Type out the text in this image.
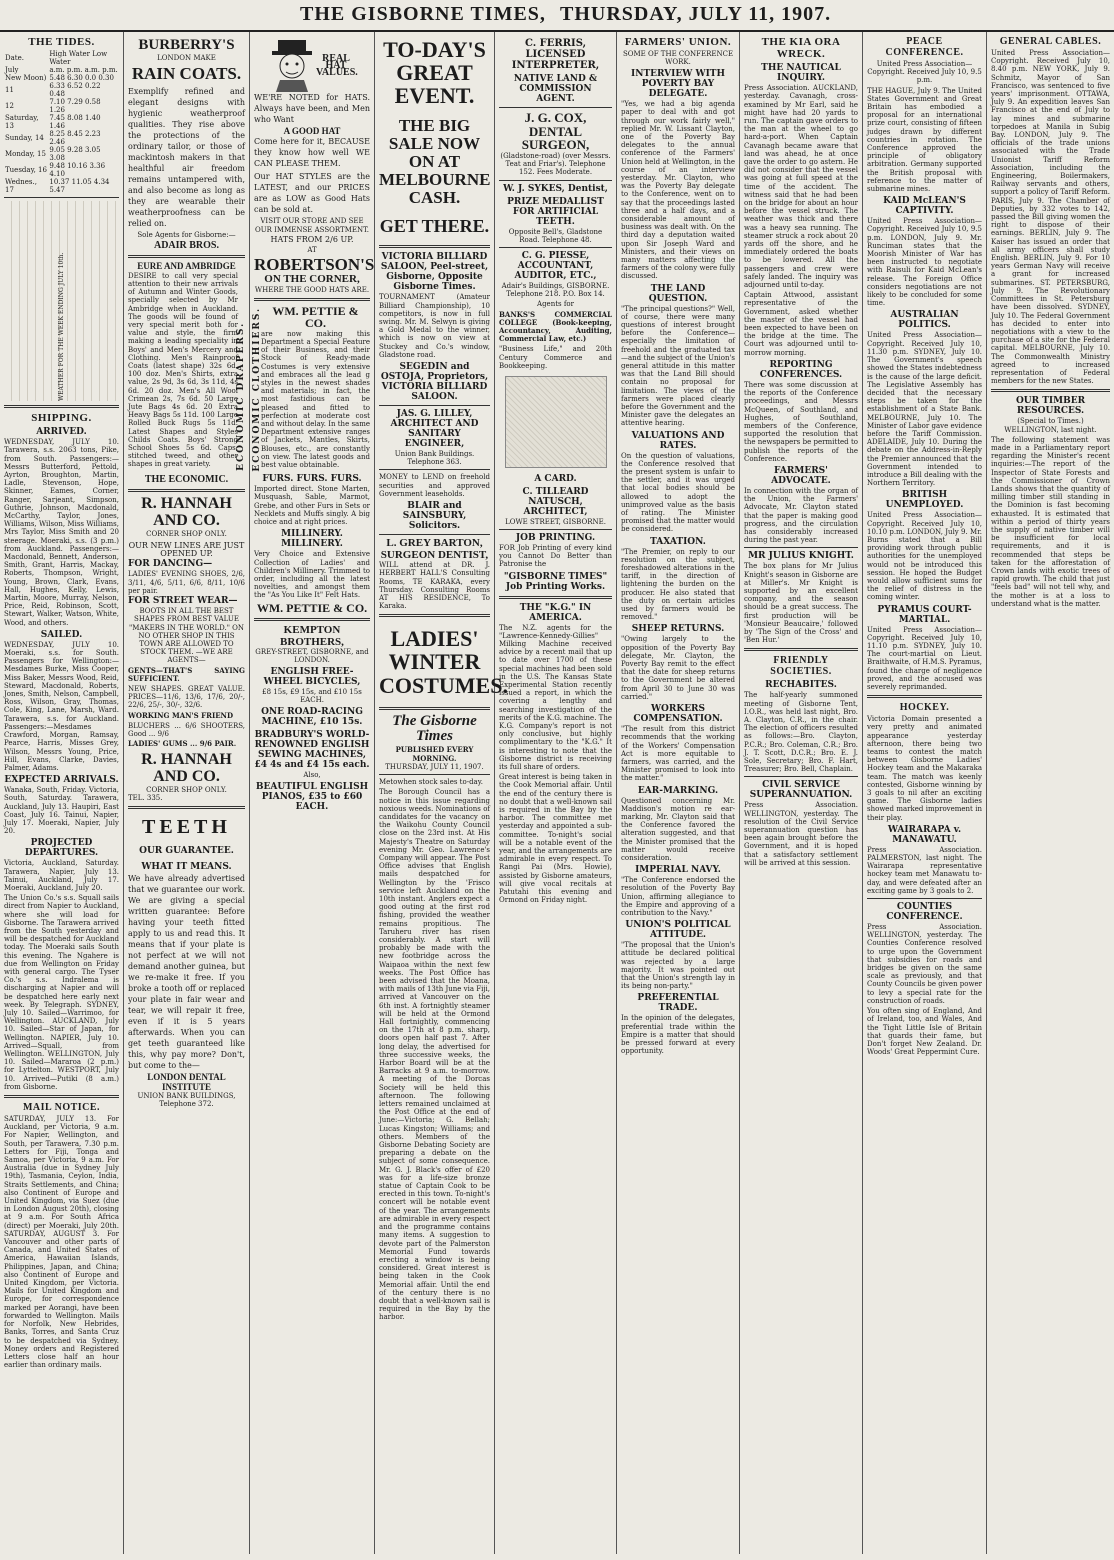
THE GISBORNE TIMES, THURSDAY, JULY 11, 1907.
THE TIDES.
Date.	High Water Low Water
July	a.m. p.m. a.m. p.m.
New Moon)	5.48 6.30 0.0 0.30
11	6.33 6.52 0.22 0.48
12	7.10 7.29 0.58 1.26
Saturday, 13	7.45 8.08 1.40 1.46
Sunday, 14	8.25 8.45 2.23 2.46
Monday, 15	9.05 9.28 3.05 3.08
Tuesday, 16	9.48 10.16 3.36 4.10
Wednes., 17	10.37 11.05 4.34 5.47
WEATHER FOR THE WEEK ENDING JULY 10th.
SHIPPING.
ARRIVED.

WEDNESDAY, JULY 10. Tarawera, s.s. 2063 tons, Pike, from South. Passengers:—Messrs Butterford, Pettold, Ayrton, Broughton, Martin, Ladle, Stevenson, Hope, Skinner, Eames, Corner, Ranger, Sarjeant, Simpson, Guthrie, Johnson, Macdonald, McCarthy, Taylor, Jones, Williams, Wilson, Miss Williams, Mrs Taylor, Miss Smith and 20 steerage. Moeraki, s.s. (3 p.m.) from Auckland. Passengers:—Macdonald, Bennett, Anderson, Smith, Grant, Harris, Mackay, Roberts, Thompson, Wright, Young, Brown, Clark, Evans, Hall, Hughes, Kelly, Lewis, Martin, Moore, Murray, Nelson, Price, Reid, Robinson, Scott, Stewart, Walker, Watson, White, Wood, and others.

SAILED.

WEDNESDAY, JULY 10. Moeraki, s.s. for South. Passengers for Wellington:—Mesdames Burke, Miss Cooper, Miss Baker, Messrs Wood, Reid, Steward, Macdonald, Roberts, Jones, Smith, Nelson, Campbell, Ross, Wilson, Gray, Thomas, Cole, King, Lane, Marsh, Ward. Tarawera, s.s. for Auckland. Passengers:—Mesdames Crawford, Morgan, Ramsay, Pearce, Harris, Misses Grey, Wilson, Messrs Young, Price, Hill, Evans, Clarke, Davies, Palmer, Adams.

EXPECTED ARRIVALS.

Wanaka, South, Friday. Victoria, South, Saturday. Tarawera, Auckland, July 13. Haupiri, East Coast, July 16. Tainui, Napier, July 17. Moeraki, Napier, July 20.

PROJECTED DEPARTURES.

Victoria, Auckland, Saturday. Tarawera, Napier, July 13. Tainui, Auckland, July 17. Moeraki, Auckland, July 20.

The Union Co.'s s.s. Squall sails direct from Napier to Auckland, where she will load for Gisborne. The Tarawera arrived from the South yesterday and will be despatched for Auckland today. The Moeraki sails South this evening. The Ngahere is due from Wellington on Friday with general cargo. The Tyser Co.'s s.s. Indralema is discharging at Napier and will be despatched here early next week. By Telegraph. SYDNEY, July 10. Sailed—Warrimoo, for Wellington. AUCKLAND, July 10. Sailed—Star of Japan, for Wellington. NAPIER, July 10. Arrived—Squall, from Wellington. WELLINGTON, July 10. Sailed—Mararoa (2 p.m.) for Lyttelton. WESTPORT, July 10. Arrived—Putiki (8 a.m.) from Gisborne.

MAIL NOTICE.

SATURDAY, JULY 13. For Auckland, per Victoria, 9 a.m. For Napier, Wellington, and South, per Tarawera, 7.30 p.m. Letters for Fiji, Tonga and Samoa, per Victoria, 9 a.m. For Australia (due in Sydney July 19th), Tasmania, Ceylon, India, Straits Settlements, and China; also Continent of Europe and United Kingdom, via Suez (due in London August 20th), closing at 9 a.m. For South Africa (direct) per Moeraki, July 20th. SATURDAY, AUGUST 3. For Vancouver and other parts of Canada, and United States of America, Hawaiian Islands, Philippines, Japan, and China; also Continent of Europe and United Kingdom, per Victoria. Mails for United Kingdom and Europe, for correspondence marked per Aorangi, have been forwarded to Wellington. Mails for Norfolk, New Hebrides, Banks, Torres, and Santa Cruz to be despatched via Sydney. Money orders and Registered Letters close half an hour earlier than ordinary mails.

BURBERRY'S
LONDON MAKE
RAIN COATS.

Exemplify refined and elegant designs with hygienic weatherproof qualities. They rise above the protections of the ordinary tailor, or those of mackintosh makers in that healthful air freedom remains untampered with, and also become as long as they are wearable their weatherproofness can be relied on.

Sole Agents for Gisborne:—

ADAIR BROS.
EURE AND AMBRIDGE

DESIRE to call very special attention to their new arrivals of Autumn and Winter Goods, specially selected by Mr Ambridge when in Auckland. The goods will be found of very special merit both for value and style, the firm making a leading speciality in Boys' and Men's Mercery and Clothing. Men's Rainproof Coats (latest shape) 32s 6d. 100 doz. Men's Shirts, extra value, 2s 9d, 3s 6d, 3s 11d, 4s 6d. 20 doz. Men's All Wool Crimean 2s, 7s 6d. 50 Large Jute Bags 4s 6d. 20 Extra Heavy Bags 5s 11d. 100 Large Rolled Buck Rugs 5s 11d. Latest Shapes and Styles Childs Coats. Boys' Strong School Shoes 5s 6d. Caps, stitched tweed, and other shapes in great variety.	ECONOMIC DRAPERS.
THE ECONOMIC.
R. HANNAH AND CO.
CORNER SHOP ONLY.

OUR NEW LINES ARE JUST OPENED UP.

FOR DANCING—

LADIES' EVENING SHOES, 2/6, 3/11, 4/6, 5/11, 6/6, 8/11, 10/6 per pair.

FOR STREET WEAR—

BOOTS IN ALL THE BEST SHAPES FROM BEST VALUE "MAKERS IN THE WORLD." ON NO OTHER SHOP IN THIS TOWN ARE ALLOWED TO STOCK THEM. —WE ARE AGENTS—

GENTS—THAT'S SAYING SUFFICIENT.

NEW SHAPES. GREAT VALUE. PRICES—11/6, 13/6, 17/6, 20/-, 22/6, 25/-, 30/-, 32/6.

WORKING MAN'S FRIEND

BLUCHERS ... 6/6 SHOOTERS, Good ... 9/6

LADIES' GUMS ... 9/6 PAIR.

R. HANNAH AND CO.
CORNER SHOP ONLY.

TEL. 335.

TEETH
OUR GUARANTEE.
WHAT IT MEANS.

We have already advertised that we guarantee our work. We are giving a special written guarantee: Before having your teeth fitted apply to us and read this. It means that if your plate is not perfect at we will not demand another guinea, but we re-make it free. If you broke a tooth off or replaced your plate in fair wear and tear, we will repair it free, even if it is 5 years afterwards. When you can get teeth guaranteed like this, why pay more? Don't, but come to the—

LONDON DENTAL INSTITUTE
UNION BANK BUILDINGS,
Telephone 372.
REAL HAT VALUES.

WE'RE NOTED for HATS. Always have been, and Men who Want

A GOOD HAT

Come here for it, BECAUSE they know how well WE CAN PLEASE THEM.

Our HAT STYLES are the LATEST, and our PRICES are as LOW as Good Hats can be sold at.

VISIT OUR STORE AND SEE OUR IMMENSE ASSORTMENT.

HATS FROM 2/6 UP.

AT

ROBERTSON'S
ON THE CORNER,
WHERE THE GOOD HATS ARE.
ECONOMIC CLOTHIERS. WM. PETTIE & CO.

are now making this Department a Special Feature of their Business, and their Stock of Ready-made Costumes is very extensive and embraces all the lead g styles in the newest shades and materials; in fact, the most fastidious can be pleased and fitted to perfection at moderate cost and without delay. In the same Department extensive ranges of Jackets, Mantles, Skirts, Blouses, etc., are constantly on view. The latest goods and best value obtainable.

FURS. FURS. FURS.

Imported direct. Stone Marten, Musquash, Sable, Marmot, Grebe, and other Furs in Sets or Necklets and Muffs singly. A big choice and at right prices.

MILLINERY. MILLINERY.

Very Choice and Extensive Collection of Ladies' and Children's Millinery. Trimmed to order, including all the latest novelties, and amongst them the "As You Like It" Felt Hats.

WM. PETTIE & CO.
KEMPTON BROTHERS,
GREY-STREET, GISBORNE, and LONDON.
ENGLISH FREE-WHEEL BICYCLES,
£8 15s, £9 15s, and £10 15s EACH.
ONE ROAD-RACING MACHINE, £10 15s.
BRADBURY'S WORLD-RENOWNED ENGLISH SEWING MACHINES, £4 4s and £4 15s each.
Also,
BEAUTIFUL ENGLISH PIANOS, £35 to £60 EACH.
TO-DAY'S GREAT EVENT.
THE BIG SALE NOW ON AT MELBOURNE CASH.
GET THERE.
VICTORIA BILLIARD SALOON, Peel-street, Gisborne, Opposite Gisborne Times.

TOURNAMENT (Amateur Billiard Championship), 10 competitors, is now in full swing. Mr. M. Selwyn is giving a Gold Medal to the winner, which is now on view at Stuckey and Co.'s window, Gladstone road.

SEGEDIN and OSTOJA, Proprietors, VICTORIA BILLIARD SALOON.
JAS. G. LILLEY, ARCHITECT AND SANITARY ENGINEER,

Union Bank Buildings. Telephone 363.

MONEY to LEND on freehold securities and approved Government leaseholds.

BLAIR and SAINSBURY, Solicitors.
L. GREY BARTON, SURGEON DENTIST,

WILL attend at DR. J. HERBERT HALL'S Consulting Rooms, TE KARAKA, every Thursday. Consulting Rooms AT HIS RESIDENCE, To Karaka.

LADIES' WINTER COSTUMES.
The Gisborne Times
PUBLISHED EVERY MORNING.
THURSDAY, JULY 11, 1907.

Metowhen stock sales to-day.

The Borough Council has a notice in this issue regarding noxious weeds. Nominations of candidates for the vacancy on the Waikohu County Council close on the 23rd inst. At His Majesty's Theatre on Saturday evening Mr. Geo. Lawrence's Company will appear. The Post Office advises that English mails despatched for Wellington by the 'Frisco service left Auckland on the 10th instant. Anglers expect a good outing at the first rod fishing, provided the weather remains propitious. The Taruheru river has risen considerably. A start will probably be made with the new footbridge across the Waipaoa within the next few weeks. The Post Office has been advised that the Moana, with mails of 13th June via Fiji, arrived at Vancouver on the 6th inst. A fortnightly steamer will be held at the Ormond Hall fortnightly, commencing on the 17th at 8 p.m. sharp, doors open half past 7. After long delay, the advertised for three successive weeks, the Harbor Board will be at the Barracks at 9 a.m. to-morrow. A meeting of the Dorcas Society will be held this afternoon. The following letters remained unclaimed at the Post Office at the end of June:—Victoria; G. Bellah; Lucas Kingston; Williams; and others. Members of the Gisborne Debating Society are preparing a debate on the subject of some consequence. Mr. G. J. Black's offer of £20 was for a life-size bronze statue of Captain Cook to be erected in this town. To-night's concert will be notable event of the year. The arrangements are admirable in every respect and the programme contains many items. A suggestion to devote part of the Palmerston Memorial Fund towards erecting a window is being considered. Great interest is being taken in the Cook Memorial affair. Until the end of the century there is no doubt that a well-known sail is required in the Bay by the harbor.

C. FERRIS, LICENSED INTERPRETER,
NATIVE LAND & COMMISSION AGENT.
J. G. COX, DENTAL SURGEON,

(Gladstone-road) (over Messrs. Teat and Friar's). Telephone 152. Fees Moderate.

W. J. SYKES, Dentist,
PRIZE MEDALLIST FOR ARTIFICIAL TEETH.

Opposite Bell's, Gladstone Road. Telephone 48.

C. G. PIESSE, ACCOUNTANT, AUDITOR, ETC.,

Adair's Buildings, GISBORNE. Telephone 218. P.O. Box 14.

Agents for

BANKS'S COMMERCIAL COLLEGE (Book-keeping, Accountancy, Auditing, Commercial Law, etc.)

"Business Life," and 20th Century Commerce and Bookkeeping.

A CARD.
C. TILLEARD NATUSCH, ARCHITECT,
LOWE STREET, GISBORNE.
JOB PRINTING.

FOR Job Printing of every kind you Cannot Do Better than Patronise the

"GISBORNE TIMES" Job Printing Works.
THE "K.G." IN AMERICA.

The N.Z. agents for the "Lawrence-Kennedy-Gillies" Milking Machine received advice by a recent mail that up to date over 1700 of these special machines had been sold in the U.S. The Kansas State Experimental Station recently issued a report, in which the covering a lengthy and searching investigation of the merits of the K.G. machine. The K.G. Company's report is not only conclusive, but highly complimentary to the "K.G." It is interesting to note that the Gisborne district is receiving its full share of orders.

Great interest is being taken in the Cook Memorial affair. Until the end of the century there is no doubt that a well-known sail is required in the Bay by the harbor. The committee met yesterday and appointed a sub-committee. To-night's social will be a notable event of the year, and the arrangements are admirable in every respect. To Rangi Pai (Mrs. Howie), assisted by Gisborne amateurs, will give vocal recitals at Patutahi this evening and Ormond on Friday night.

FARMERS' UNION.
SOME OF THE CONFERENCE WORK.
INTERVIEW WITH POVERTY BAY DELEGATE.

"Yes, we had a big agenda paper to deal with and got through our work fairly well," replied Mr. W. Lissant Clayton, one of the Poverty Bay delegates to the annual conference of the Farmers' Union held at Wellington, in the course of an interview yesterday. Mr. Clayton, who was the Poverty Bay delegate to the Conference, went on to say that the proceedings lasted three and a half days, and a considerable amount of business was dealt with. On the third day a deputation waited upon Sir Joseph Ward and Ministers, and their views on many matters affecting the farmers of the colony were fully discussed.

THE LAND QUESTION.

"The principal questions?" Well, of course, there were many questions of interest brought before the Conference—especially the limitation of freehold and the graduated tax—and the subject of the Union's general attitude in this matter was that the Land Bill should contain no proposal for limitation. The views of the farmers were placed clearly before the Government and the Minister gave the delegates an attentive hearing.

VALUATIONS AND RATES.

On the question of valuations, the Conference resolved that the present system is unfair to the settler, and it was urged that local bodies should be allowed to adopt the unimproved value as the basis of rating. The Minister promised that the matter would be considered.

TAXATION.

"The Premier, on reply to our resolution on the subject, foreshadowed alterations in the tariff, in the direction of lightening the burden on the producer. He also stated that the duty on certain articles used by farmers would be removed."

SHEEP RETURNS.

"Owing largely to the opposition of the Poverty Bay delegate, Mr. Clayton, the Poverty Bay remit to the effect that the date for sheep returns to the Government be altered from April 30 to June 30 was carried."

WORKERS COMPENSATION.

"The result from this district recommends that the working of the Workers' Compensation Act is more equitable to farmers, was carried, and the Minister promised to look into the matter."

EAR-MARKING.

Questioned concerning Mr. Maddison's motion re ear-marking, Mr. Clayton said that the Conference favored the alteration suggested, and that the Minister promised that the matter would receive consideration.

IMPERIAL NAVY.

"The Conference endorsed the resolution of the Poverty Bay Union, affirming allegiance to the Empire and approving of a contribution to the Navy."

UNION'S POLITICAL ATTITUDE.

"The proposal that the Union's attitude be declared political was rejected by a large majority. It was pointed out that the Union's strength lay in its being non-party."

PREFERENTIAL TRADE.

In the opinion of the delegates, preferential trade within the Empire is a matter that should be pressed forward at every opportunity.

THE KIA ORA WRECK.
THE NAUTICAL INQUIRY.

Press Association. AUCKLAND, yesterday. Cavanagh, cross-examined by Mr Earl, said he might have had 20 yards to run. The captain gave orders to the man at the wheel to go hard-a-port. When Captain Cavanagh became aware that land was ahead, he at once gave the order to go astern. He did not consider that the vessel was going at full speed at the time of the accident. The witness said that he had been on the bridge for about an hour before the vessel struck. The weather was thick and there was a heavy sea running. The steamer struck a rock about 20 yards off the shore, and he immediately ordered the boats to be lowered. All the passengers and crew were safely landed. The inquiry was adjourned until to-day.

Captain Attwood, assistant representative of the Government, asked whether the master of the vessel had been expected to have been on the bridge at the time. The Court was adjourned until to-morrow morning.

REPORTING CONFERENCES.

There was some discussion at the reports of the Conference proceedings, and Messrs McQueen, of Southland, and Hughes, of Southland, members of the Conference, supported the resolution that the newspapers be permitted to publish the reports of the Conference.

FARMERS' ADVOCATE.

In connection with the organ of the Union, the Farmers' Advocate, Mr. Clayton stated that the paper is making good progress, and the circulation has considerably increased during the past year.

MR JULIUS KNIGHT.

The box plans for Mr Julius Knight's season in Gisborne are at Miller's. Mr Knight is supported by an excellent company, and the season should be a great success. The first production will be 'Monsieur Beaucaire,' followed by 'The Sign of the Cross' and 'Ben Hur.'

FRIENDLY SOCIETIES.
RECHABITES.

The half-yearly summoned meeting of Gisborne Tent, I.O.R., was held last night, Bro. A. Clayton, C.R., in the chair. The election of officers resulted as follows:—Bro. Clayton, P.C.R.; Bro. Coleman, C.R.; Bro. J. T. Scott, D.C.R.; Bro. E. J. Sole, Secretary; Bro. F. Hart, Treasurer; Bro. Bell, Chaplain.

CIVIL SERVICE SUPERANNUATION.

Press Association. WELLINGTON, yesterday. The resolution of the Civil Service superannuation question has been again brought before the Government, and it is hoped that a satisfactory settlement will be arrived at this session.

PEACE CONFERENCE.

United Press Association—Copyright. Received July 10, 9.5 p.m.

THE HAGUE, July 9. The United States Government and Great Britain has embodied a proposal for an international prize court, consisting of fifteen judges drawn by different countries in rotation. The Conference approved the principle of obligatory arbitration. Germany supported the British proposal with reference to the matter of submarine mines.

KAID McLEAN'S CAPTIVITY.

United Press Association—Copyright. Received July 10, 9.5 p.m. LONDON, July 9. Mr. Runciman states that the Moorish Minister of War has been instructed to negotiate with Raisuli for Kaid McLean's release. The Foreign Office considers negotiations are not likely to be concluded for some time.

AUSTRALIAN POLITICS.

United Press Association—Copyright. Received July 10, 11.30 p.m. SYDNEY, July 10. The Government's speech showed the States indebtedness is the cause of the large deficit. The Legislative Assembly has decided that the necessary steps be taken for the establishment of a State Bank. MELBOURNE, July 10. The Minister of Labor gave evidence before the Tariff Commission. ADELAIDE, July 10. During the debate on the Address-in-Reply the Premier announced that the Government intended to introduce a Bill dealing with the Northern Territory.

BRITISH UNEMPLOYED.

United Press Association—Copyright. Received July 10, 10.10 p.m. LONDON, July 9. Mr. Burns stated that a Bill providing work through public authorities for the unemployed would not be introduced this session. He hoped the Budget would allow sufficient sums for the relief of distress in the coming winter.

PYRAMUS COURT-MARTIAL.

United Press Association—Copyright. Received July 10, 11.10 p.m. SYDNEY, July 10. The court-martial on Lieut. Braithwaite, of H.M.S. Pyramus, found the charge of negligence proved, and the accused was severely reprimanded.

HOCKEY.

Victoria Domain presented a very pretty and animated appearance yesterday afternoon, there being two teams to contest the match between Gisborne Ladies' Hockey team and the Makaraka team. The match was keenly contested, Gisborne winning by 3 goals to nil after an exciting game. The Gisborne ladies showed marked improvement in their play.

WAIRARAPA v. MANAWATU.

Press Association. PALMERSTON, last night. The Wairarapa representative hockey team met Manawatu to-day, and were defeated after an exciting game by 3 goals to 2.

COUNTIES CONFERENCE.

Press Association. WELLINGTON, yesterday. The Counties Conference resolved to urge upon the Government that subsidies for roads and bridges be given on the same scale as previously, and that County Councils be given power to levy a special rate for the construction of roads.

You often sing of England, And of Ireland, too, and Wales, And the Tight Little Isle of Britain that guards their fame, but Don't forget New Zealand. Dr. Woods' Great Peppermint Cure.

GENERAL CABLES.

United Press Association—Copyright. Received July 10, 8.40 p.m. NEW YORK, July 9. Schmitz, Mayor of San Francisco, was sentenced to five years' imprisonment. OTTAWA, July 9. An expedition leaves San Francisco at the end of July to lay mines and submarine torpedoes at Manila in Subig Bay. LONDON, July 9. The officials of the trade unions associated with the Trade Unionist Tariff Reform Association, including the Engineering, Boilermakers, Railway servants and others, support a policy of Tariff Reform. PARIS, July 9. The Chamber of Deputies, by 332 votes to 142, passed the Bill giving women the right to dispose of their earnings. BERLIN, July 9. The Kaiser has issued an order that all army officers shall study English. BERLIN, July 9. For 10 years German Navy will receive a grant for increased submarines. ST. PETERSBURG, July 9. The Revolutionary Committees in St. Petersburg have been dissolved. SYDNEY, July 10. The Federal Government has decided to enter into negotiations with a view to the purchase of a site for the Federal capital. MELBOURNE, July 10. The Commonwealth Ministry agreed to increased representation of Federal members for the new States.

OUR TIMBER RESOURCES.

(Special to Times.) WELLINGTON, last night.

The following statement was made in a Parliamentary report regarding the Minister's recent inquiries:—The report of the Inspector of State Forests and the Commissioner of Crown Lands shows that the quantity of milling timber still standing in the Dominion is fast becoming exhausted. It is estimated that within a period of thirty years the supply of native timber will be insufficient for local requirements, and it is recommended that steps be taken for the afforestation of Crown lands with exotic trees of rapid growth. The child that just "feels bad" will not tell why, and the mother is at a loss to understand what is the matter.
